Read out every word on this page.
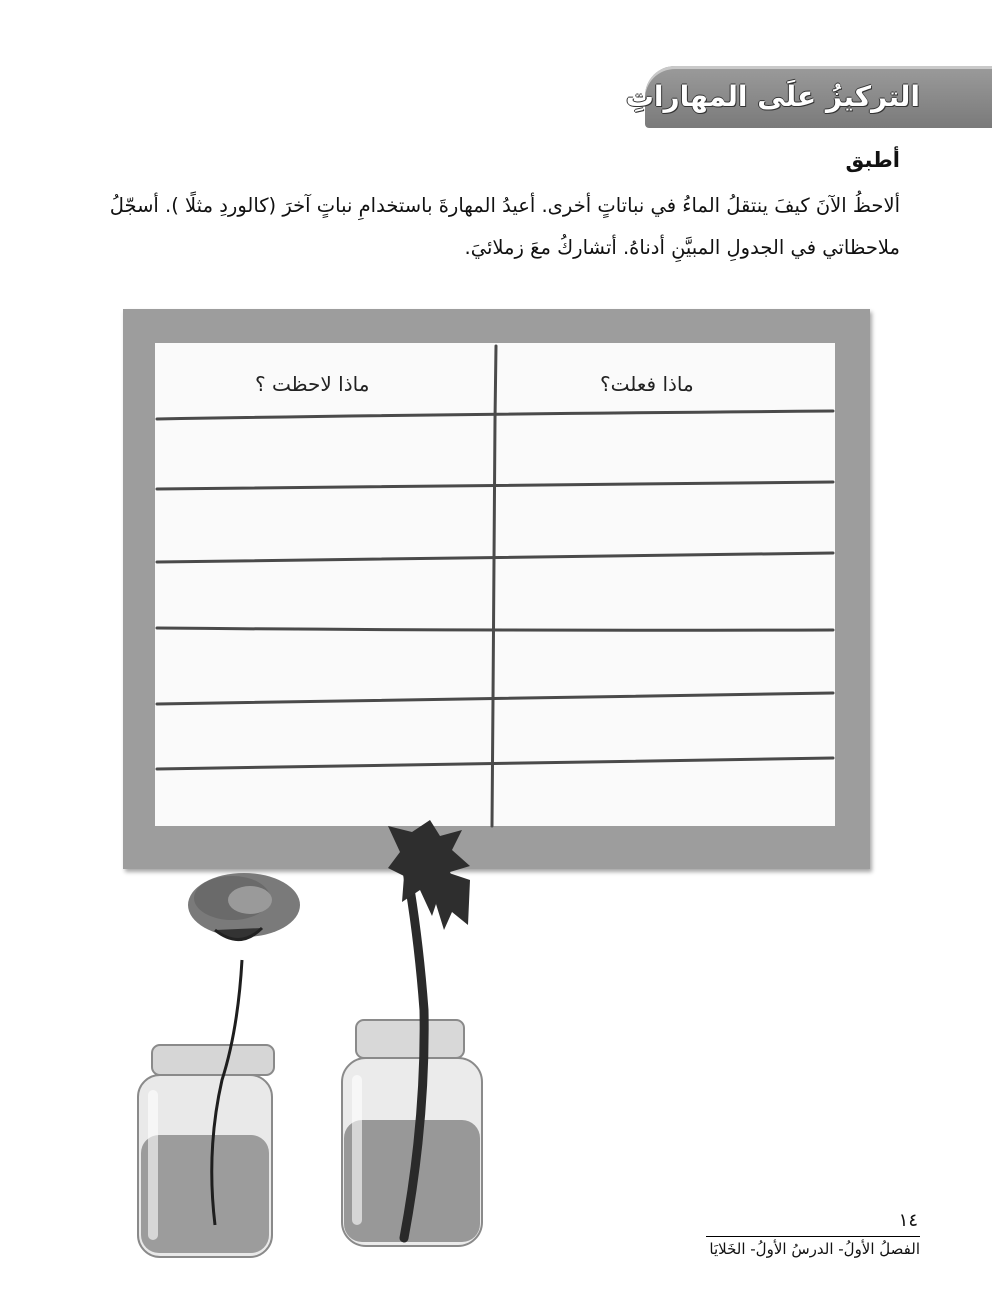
التركيزُ علَى المهاراتِ
أطبق
ألاحظُ الآنَ كيفَ ينتقلُ الماءُ في نباتاتٍ أخرى. أعيدُ المهارةَ باستخدامِ نباتٍ آخرَ (كالوردِ مثلًا ). أسجّلُ ملاحظاتي في الجدولِ المبيَّنِ أدناهُ. أتشاركُ معَ زملائيَ.
ماذا فعلت؟
ماذا لاحظت ؟
١٤
الفصلُ الأولُ- الدرسُ الأولُ- الخَلايَا
